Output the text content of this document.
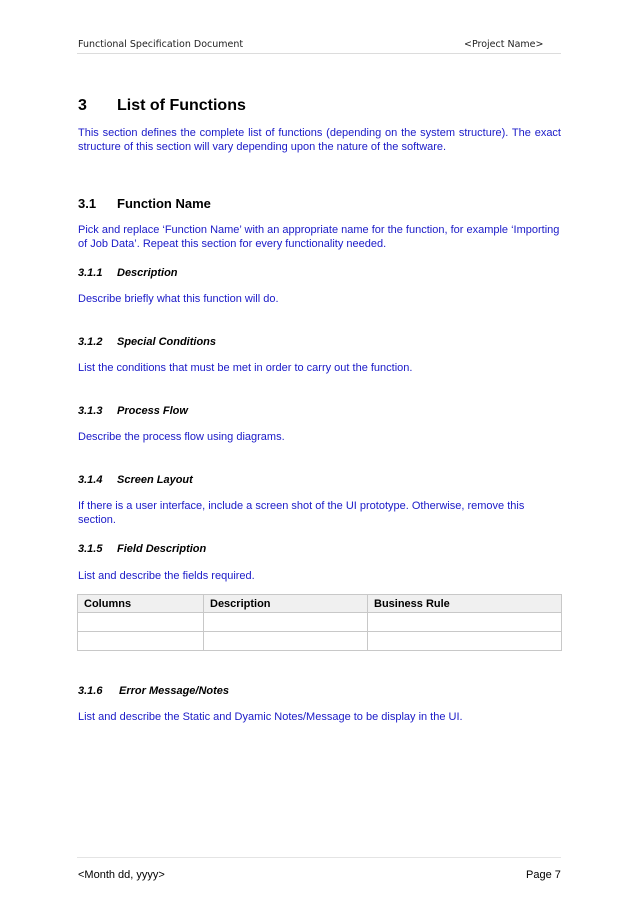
Functional Specification Document	<Project Name>
3 List of Functions
This section defines the complete list of functions (depending on the system structure). The exact structure of this section will vary depending upon the nature of the software.
3.1 Function Name
Pick and replace ‘Function Name’ with an appropriate name for the function, for example ‘Importing of Job Data’. Repeat this section for every functionality needed.
3.1.1 Description
Describe briefly what this function will do.
3.1.2 Special Conditions
List the conditions that must be met in order to carry out the function.
3.1.3 Process Flow
Describe the process flow using diagrams.
3.1.4 Screen Layout
If there is a user interface, include a screen shot of the UI prototype. Otherwise, remove this section.
3.1.5 Field Description
List and describe the fields required.
Columns	Description	Business Rule

3.1.6 Error Message/Notes
List and describe the Static and Dyamic Notes/Message to be display in the UI.
<Month dd, yyyy>	Page 7
